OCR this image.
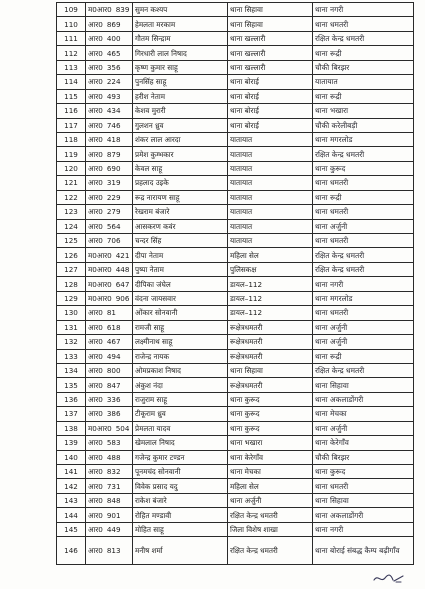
109	म0आर0 839	सुमन कश्यप	थाना सिहावा	थाना नगरी
110	आर0 869	हेमलता मरकाम	थाना सिहावा	थाना धमतरी
111	आर0 400	गौतम सिन्द्राम	थाना खल्लारी	रक्षित केन्द्र धमतरी
112	आर0 465	गिरधारी लाल निषाद	थाना खल्लारी	थाना रूद्री
113	आर0 356	कृष्ण कुमार साहू	थाना खल्लारी	चौकी बिरझर
114	आर0 224	पुनसिंह साहू	थाना बोराई	यातायात
115	आर0 493	हरीश नेताम	थाना बोराई	थाना रूद्री
116	आर0 434	केशव मुरारी	थाना बोराई	थाना भखारा
117	आर0 746	गुलशन ध्रुव	थाना बोराई	चौकी करेलीबड़ी
118	आर0 418	शंकर लाल आरदा	यातायात	थाना मगरलोड
119	आर0 879	प्रमेश कुम्भकार	यातायात	रक्षित केन्द्र धमतरी
120	आर0 690	केवल साहू	यातायात	थाना कुरूद
121	आर0 319	प्रहलाद उइके	यातायात	थाना धमतरी
122	आर0 229	रूद्र नारायण साहू	यातायात	थाना रूद्री
123	आर0 279	रेखराम बंजारे	यातायात	थाना धमतरी
124	आर0 564	आसकरण कवंर	यातायात	थाना अर्जुनी
125	आर0 706	चन्दर सिंह	यातायात	थाना धमतरी
126	म0आर0 421	दीपा नेताम	महिला सेल	रक्षित केन्द्र धमतरी
127	म0आर0 448	पुष्पा नेताम	पुलिसकक्ष	रक्षित केन्द्र धमतरी
128	म0आर0 647	दीपिका जंघेल	डायल–112	थाना नगरी
129	म0आर0 906	वंदना जायसवार	डायल–112	थाना मगरलोड
130	आर0 81	ओंकार सोनवानी	डायल–112	थाना धमतरी
131	आर0 618	रामजी साहू	रूक्षेत्रधमतरी	थाना अर्जुनी
132	आर0 467	लक्ष्मीनाथ साहू	रूक्षेत्रधमतरी	थाना अर्जुनी
133	आर0 494	राजेन्द्र नायक	रूक्षेत्रधमतरी	थाना रूद्री
134	आर0 800	ओमप्रकाश निषाद	थाना सिहावा	रक्षित केन्द्र धमतरी
135	आर0 847	अंकुश नंदा	रूक्षेत्रधमतरी	थाना सिहावा
136	आर0 336	राजुराम साहू	थाना कुरूद	थाना अकलाडोंगरी
137	आर0 386	टीकूराम ध्रुव	थाना कुरूद	थाना मेचका
138	म0आर0 504	प्रेमलता यादव	थाना कुरूद	थाना अर्जुनी
139	आर0 583	खेमलाल निषाद	थाना भखारा	थाना केरेगाँव
140	आर0 488	गजेन्द्र कुमार टण्डन	थाना केरेगाँव	चौकी बिरझर
141	आर0 832	पूनमचंद सोनवानी	थाना मेचका	थाना कुरूद
142	आर0 731	विवेक प्रसाद यदु	महिला सेल	थाना धमतरी
143	आर0 848	राकेश बंजारे	थाना अर्जुनी	थाना सिहावा
144	आर0 901	रोहित मण्डावी	रक्षित केन्द्र धमतरी	थाना अकलाडोंगरी
145	आर0 449	मोहित साहू	जिला विशेष शाखा	थाना नगरी
146	आर0 813	मनीष शर्मा	रक्षित केन्द्र धमतरी	थाना बोराई संबद्ध कैम्प बढ़ीगाँव
